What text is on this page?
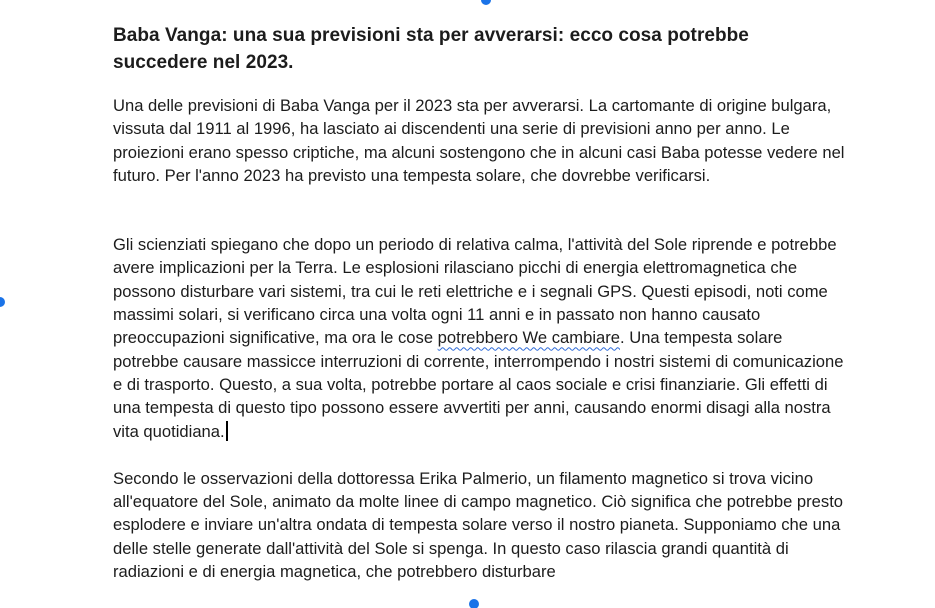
Baba Vanga: una sua previsioni sta per avverarsi: ecco cosa potrebbe succedere nel 2023.

Una delle previsioni di Baba Vanga per il 2023 sta per avverarsi. La cartomante di origine bulgara, vissuta dal 1911 al 1996, ha lasciato ai discendenti una serie di previsioni anno per anno. Le proiezioni erano spesso criptiche, ma alcuni sostengono che in alcuni casi Baba potesse vedere nel futuro. Per l'anno 2023 ha previsto una tempesta solare, che dovrebbe verificarsi.

Gli scienziati spiegano che dopo un periodo di relativa calma, l'attività del Sole riprende e potrebbe avere implicazioni per la Terra. Le esplosioni rilasciano picchi di energia elettromagnetica che possono disturbare vari sistemi, tra cui le reti elettriche e i segnali GPS. Questi episodi, noti come massimi solari, si verificano circa una volta ogni 11 anni e in passato non hanno causato preoccupazioni significative, ma ora le cose potrebbero We cambiare. Una tempesta solare potrebbe causare massicce interruzioni di corrente, interrompendo i nostri sistemi di comunicazione e di trasporto. Questo, a sua volta, potrebbe portare al caos sociale e crisi finanziarie. Gli effetti di una tempesta di questo tipo possono essere avvertiti per anni, causando enormi disagi alla nostra vita quotidiana.

Secondo le osservazioni della dottoressa Erika Palmerio, un filamento magnetico si trova vicino all'equatore del Sole, animato da molte linee di campo magnetico. Ciò significa che potrebbe presto esplodere e inviare un'altra ondata di tempesta solare verso il nostro pianeta. Supponiamo che una delle stelle generate dall'attività del Sole si spenga. In questo caso rilascia grandi quantità di radiazioni e di energia magnetica, che potrebbero disturbare
